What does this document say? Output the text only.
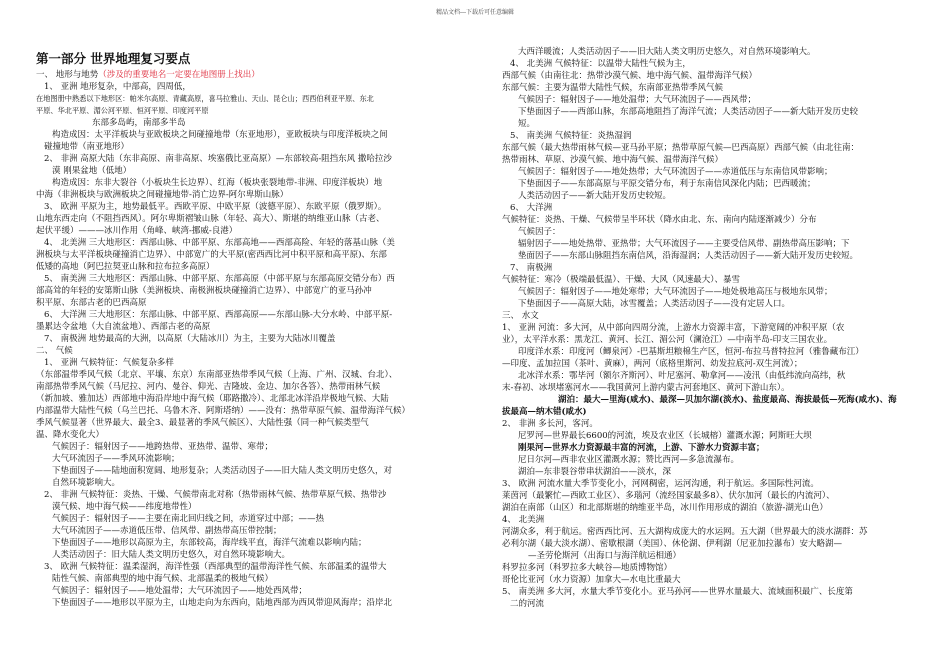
精品文档---下载后可任意编辑
第一部分 世界地理复习要点
一、 地形与地势（涉及的重要地名一定要在地图册上找出）
1、 亚洲 地形复杂，中部高，四周低，
在地图册中熟悉以下地形区：帕米尔高原、青藏高原，喜马拉雅山、天山、昆仑山；西西伯利亚平原、东北
平原、华北平原、湄公河平原、恒河平原、印度河平原
东部多岛屿，南部多半岛
构造成因：太平洋板块与亚欧板块之间碰撞地带（东亚地形），亚欧板块与印度洋板块之间
碰撞地带（南亚地形）
2、 非洲 高原大陆（东非高原、南非高原、埃塞俄比亚高原）—东部较高-阻挡东风 撒哈拉沙
漠 刚果盆地（低地）
构造成因：东非大裂谷（小板块生长边界）、红海（板块张裂地带-非洲、印度洋板块）地
中海（非洲板块与欧洲板块之间碰撞地带-消亡边界-阿尔卑斯山脉）
3、 欧洲 平原为主，地势最低平。西欧平原、中欧平原（波德平原）、东欧平原（俄罗斯）。
山地东西走向（不阻挡西风）。阿尔卑斯褶皱山脉（年轻、高大）、斯堪的纳维亚山脉（古老、
起伏平缓）———冰川作用（角峰、峡湾-挪威-良港）
4、 北美洲 三大地形区：西部山脉、中部平原、东部高地——西部高险、年轻的落基山脉（美
洲板块与太平洋板块碰撞消亡边界）、中部宽广的大平原(密西西比河中积平原和高平原)、东部
低矮的高地（阿巴拉契亚山脉和拉布拉多高原）
5、 南美洲 三大地形区：西部山脉、中部平原、东部高原（中部平原与东部高原交错分布）西
部高耸的年轻的安第斯山脉（美洲板块、南极洲板块碰撞消亡边界）、中部宽广的亚马孙冲
积平原、东部古老的巴西高原
6、 大洋洲 三大地形区：东部山脉、中部平原、西部高原——东部山脉-大分水岭、中部平原-
墨累达令盆地（大自流盆地）、西部古老的高原
7、 南极洲 地势最高的大洲，以高原（大陆冰川）为主，主要为大陆冰川覆盖
二、 气候
1、 亚洲 气候特征：气候复杂多样
（东部温带季风气候（北京、平壤、东京）东南部亚热带季风气候（上海、广州、汉城、台北）、
南部热带季风气候（马尼拉、河内、曼谷、仰光、吉隆坡、金边、加尔各答）、热带雨林气候
（新加坡、雅加达）西部地中海沿岸地中海气候（耶路撒冷）、北部北冰洋沿岸极地气候、大陆
内部温带大陆性气候（乌兰巴托、乌鲁木齐、阿斯塔纳）——没有：热带草原气候、温带海洋气候）
季风气候显著（世界最大、最全3、最显著的季风气候区）、大陆性强（同一种气候类型气
温、降水变化大）
气候因子：辐射因子——地跨热带、亚热带、温带、寒带；
大气环流因子——季风环流影响；
下垫面因子——陆地面积宽阔、地形复杂；人类活动因子——旧大陆人类文明历史悠久，对
自然环境影响大。
2、 非洲 气候特征：炎热、干燥、气候带南北对称（热带雨林气候、热带草原气候、热带沙
漠气候、地中海气候——纬度地带性）
气候因子：辐射因子——主要在南北回归线之间，赤道穿过中部；——热
大气环流因子——赤道低压带、信风带、副热带高压带控制；
下垫面因子——地形以高原为主，东部较高，海岸线平直，海洋气流难以影响内陆；
人类活动因子：旧大陆人类文明历史悠久，对自然环境影响大。
3、 欧洲 气候特征：温柔湿润，海洋性强（西部典型的温带海洋性气候、东部温柔的温带大
陆性气候、南部典型的地中海气候、北部温柔的极地气候）
气候因子：辐射因子——地处温带；大气环流因子——地处西风带；
下垫面因子——地形以平原为主，山地走向为东西向，陆地西部为西风带迎风海岸；沿岸北
大西洋暖流；人类活动因子——旧大陆人类文明历史悠久，对自然环境影响大。
4、 北美洲 气候特征：以温带大陆性气候为主，
西部气候（由南往北：热带沙漠气候、地中海气候、温带海洋气候）
东部气候：主要为温带大陆性气候，东南部亚热带季风气候
气候因子：辐射因子——地处温带；大气环流因子——西风带；
下垫面因子——西部山脉，东部高地阻挡了海洋气流；人类活动因子——新大陆开发历史较
短。
5、 南美洲 气候特征：炎热湿润
东部气候（最大热带雨林气候—亚马孙平原；热带草原气候—巴西高原）西部气候（由北往南：
热带雨林、草原、沙漠气候、地中海气候、温带海洋气候）
气候因子：辐射因子——地处热带；大气环流因子——赤道低压与东南信风带影响；
下垫面因子——东部高原与平原交错分布，利于东南信风深化内陆；巴西暖流；
人类活动因子——新大陆开发历史较短。
6、 大洋洲
气候特征：炎热、干燥、气候带呈半环状（降水由北、东、南向内陆逐渐减少）分布
气候因子：
辐射因子——地处热带、亚热带；大气环流因子——主要受信风带、副热带高压影响；下
垫面因子——东部山脉阻挡东南信风，沿海湿润；人类活动因子——新大陆开发历史较短。
7、 南极洲
气候特征：寒冷（极端最低温）、干燥、大风（风速最大）、暴雪
气候因子：辐射因子——地处寒带；大气环流因子——地处极地高压与极地东风带；
下垫面因子——高原大陆，冰雪覆盖；人类活动因子——没有定居人口。
三、 水文
1、 亚洲 河流：多大河，从中部向四周分流，上游水力资源丰富，下游宽阔的冲积平原（农
业），太平洋水系：黑龙江、黄河、长江、湄公河（澜沧江）—中南半岛-印支三国农业。
印度洋水系：印度河（鲫泉河）-巴基斯坦粮棉生产区，恒河-布拉马普特拉河（雅鲁藏布江）
—印度、孟加拉国（茶叶、黄麻），两河（底格里斯河、幼发拉底河-双生河流）；
北冰洋水系：鄂毕河（额尔齐斯河）、叶尼塞河、勒拿河——凌汛（由低纬流向高纬，秋
末-春初、冰坝堵塞河水——我国黄河上游内蒙古河套地区、黄河下游山东）。
湖泊：最大—里海(咸水)、最深—贝加尔湖(淡水)、盐度最高、海拔最低—死海(咸水)、海
拔最高—纳木错(咸水)
2、 非洲 多长河，客河。
尼罗河—世界最长6600的河流，埃及农业区（长城榕）灌溉水源；阿斯旺大坝
刚果河—世界水力资源最丰富的河流，上游、下游水力资源丰富；
尼日尔河—西非农业区灌溉水源；赞比西河—多急流瀑布。
湖泊—东非裂谷带串状湖泊——淡水，深
3、 欧洲 河流水量大季节变化小，河网稠密，运河沟通，利于航运。多国际性河流。
莱茵河（最繁忙—西欧工业区）、多瑙河（流经国家最多8）、伏尔加河（最长的内流河）、
湖泊在南部（山区）和北部斯堪的纳维亚半岛，冰川作用形成的湖泊（旅游-湖光山色）
4、 北美洲
河湖众多，利于航运。密西西比河、五大湖构成庞大的水运网。五大湖（世界最大的淡水湖群：苏
必利尔湖（最大淡水湖）、密歇根湖（美国）、休伦湖、伊利湖（尼亚加拉瀑布）安大略湖—
—圣劳伦斯河（出海口与海洋航运相通）
科罗拉多河（科罗拉多大峡谷—地质博物馆）
哥伦比亚河（水力资源）加拿大—水电比重最大
5、 南美洲 多大河，水量大季节变化小。亚马孙河——世界水量最大、流域面积最广、长度第
二的河流
